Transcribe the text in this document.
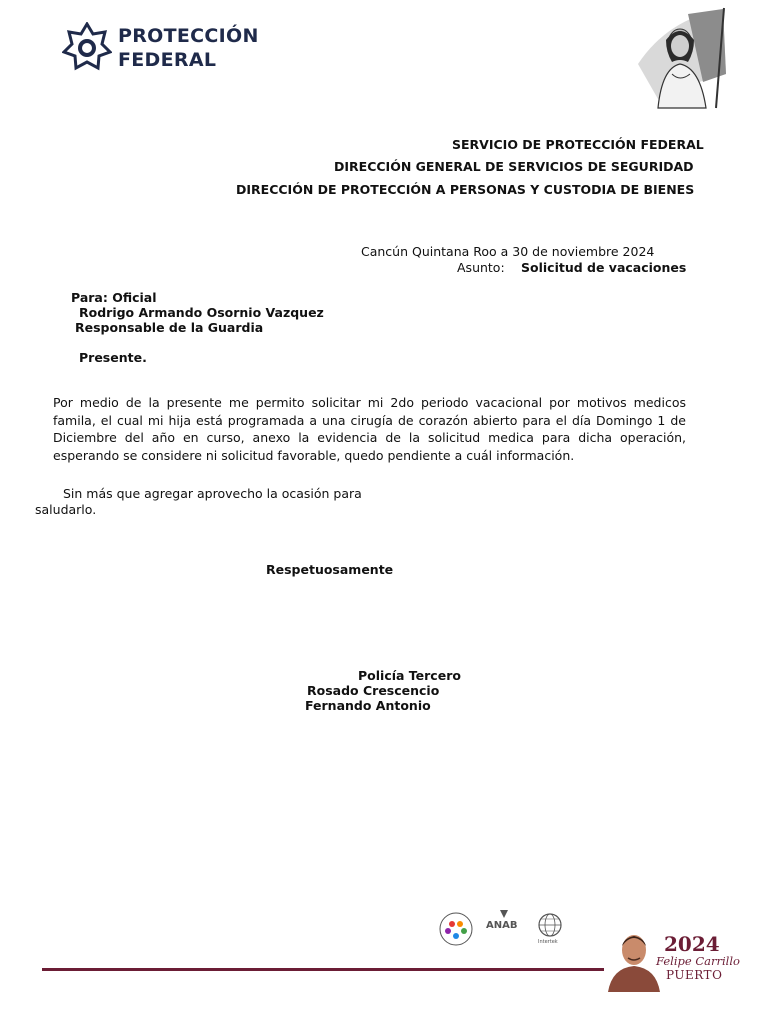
PROTECCIÓN
FEDERAL
SERVICIO DE PROTECCIÓN FEDERAL
DIRECCIÓN GENERAL DE SERVICIOS DE SEGURIDAD
DIRECCIÓN DE PROTECCIÓN A PERSONAS Y CUSTODIA DE BIENES
Cancún Quintana Roo a 30 de noviembre 2024
Asunto: Solicitud de vacaciones
Para: Oficial
Rodrigo Armando Osornio Vazquez
Responsable de la Guardia
Presente.
Por medio de la presente me permito solicitar mi 2do periodo vacacional por motivos medicos famila, el cual mi hija está programada a una cirugía de corazón abierto para el día Domingo 1 de Diciembre del año en curso, anexo la evidencia de la solicitud medica para dicha operación, esperando se considere ni solicitud favorable, quedo pendiente a cuál información.
Sin más que agregar aprovecho la ocasión para saludarlo.
Respetuosamente
Policía Tercero
Rosado Crescencio
Fernando Antonio
ANAB
Intertek	2024
Felipe Carrillo
PUERTO
